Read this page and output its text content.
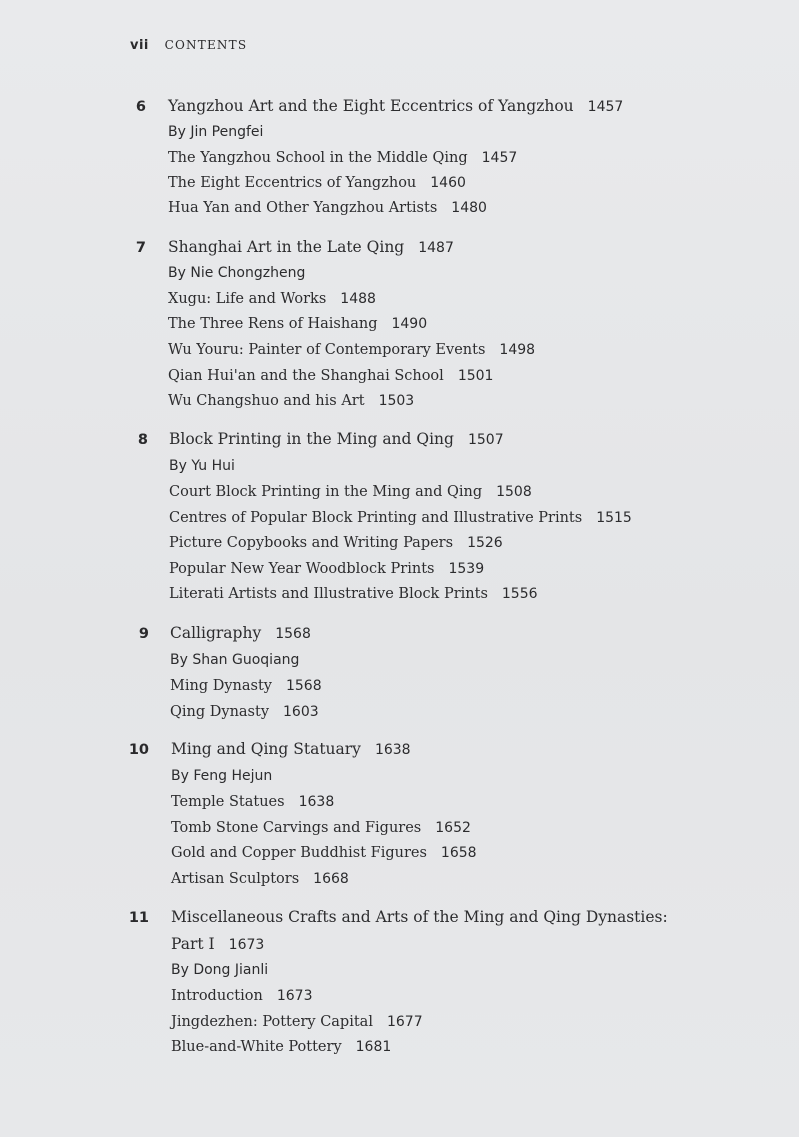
vii CONTENTS
6 Yangzhou Art and the Eight Eccentrics of Yangzhou 1457
By Jin Pengfei
The Yangzhou School in the Middle Qing 1457
The Eight Eccentrics of Yangzhou 1460
Hua Yan and Other Yangzhou Artists 1480
7 Shanghai Art in the Late Qing 1487
By Nie Chongzheng
Xugu: Life and Works 1488
The Three Rens of Haishang 1490
Wu Youru: Painter of Contemporary Events 1498
Qian Hui'an and the Shanghai School 1501
Wu Changshuo and his Art 1503
8 Block Printing in the Ming and Qing 1507
By Yu Hui
Court Block Printing in the Ming and Qing 1508
Centres of Popular Block Printing and Illustrative Prints 1515
Picture Copybooks and Writing Papers 1526
Popular New Year Woodblock Prints 1539
Literati Artists and Illustrative Block Prints 1556
9 Calligraphy 1568
By Shan Guoqiang
Ming Dynasty 1568
Qing Dynasty 1603
10 Ming and Qing Statuary 1638
By Feng Hejun
Temple Statues 1638
Tomb Stone Carvings and Figures 1652
Gold and Copper Buddhist Figures 1658
Artisan Sculptors 1668
11 Miscellaneous Crafts and Arts of the Ming and Qing Dynasties:
Part I 1673
By Dong Jianli
Introduction 1673
Jingdezhen: Pottery Capital 1677
Blue-and-White Pottery 1681
